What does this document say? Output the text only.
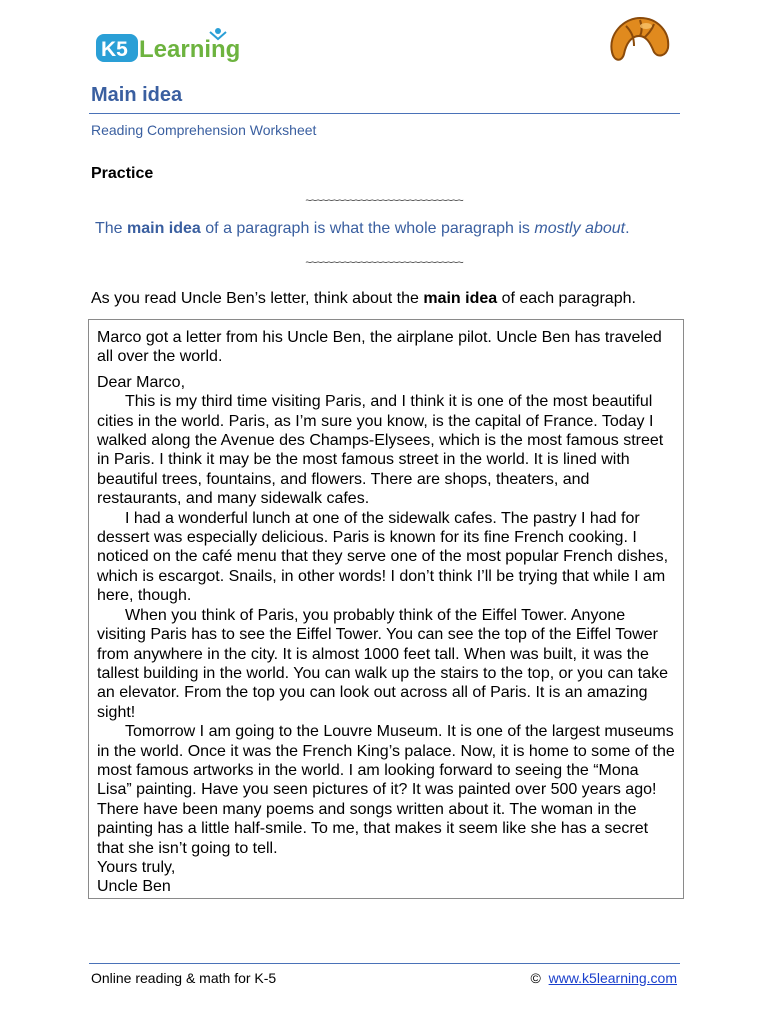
K5 Learning
Main idea
Reading Comprehension Worksheet
Practice
~~~~~~~~~~~~~~~~~~~~~~~~~~~~~
The main idea of a paragraph is what the whole paragraph is mostly about.
~~~~~~~~~~~~~~~~~~~~~~~~~~~~~
As you read Uncle Ben’s letter, think about the main idea of each paragraph.

Marco got a letter from his Uncle Ben, the airplane pilot. Uncle Ben has traveled all over the world.

Dear Marco,

This is my third time visiting Paris, and I think it is one of the most beautiful cities in the world. Paris, as I’m sure you know, is the capital of France. Today I walked along the Avenue des Champs-Elysees, which is the most famous street in Paris. I think it may be the most famous street in the world. It is lined with beautiful trees, fountains, and flowers. There are shops, theaters, and restaurants, and many sidewalk cafes.

I had a wonderful lunch at one of the sidewalk cafes. The pastry I had for dessert was especially delicious. Paris is known for its fine French cooking. I noticed on the café menu that they serve one of the most popular French dishes, which is escargot. Snails, in other words! I don’t think I’ll be trying that while I am here, though.

When you think of Paris, you probably think of the Eiffel Tower. Anyone visiting Paris has to see the Eiffel Tower. You can see the top of the Eiffel Tower from anywhere in the city. It is almost 1000 feet tall. When was built, it was the tallest building in the world. You can walk up the stairs to the top, or you can take an elevator. From the top you can look out across all of Paris. It is an amazing sight!

Tomorrow I am going to the Louvre Museum. It is one of the largest museums in the world. Once it was the French King’s palace. Now, it is home to some of the most famous artworks in the world. I am looking forward to seeing the “Mona Lisa” painting. Have you seen pictures of it? It was painted over 500 years ago! There have been many poems and songs written about it. The woman in the painting has a little half-smile. To me, that makes it seem like she has a secret that she isn’t going to tell.

Yours truly,

Uncle Ben

Online reading & math for K-5	© www.k5learning.com
